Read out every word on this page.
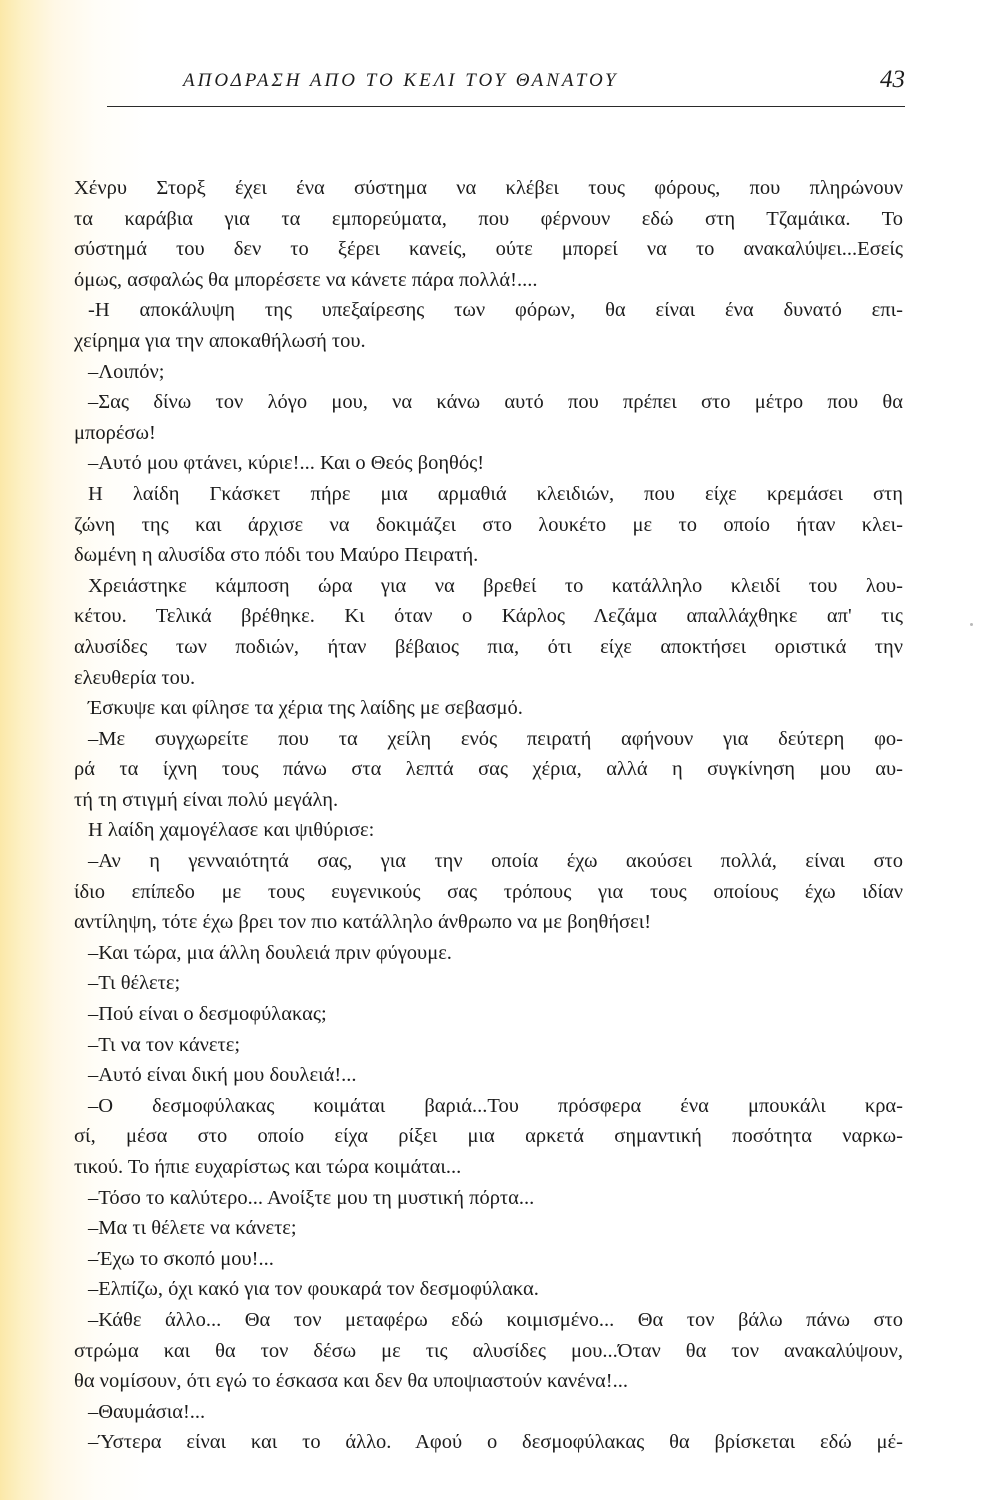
ΑΠΟΔΡΑΣΗ ΑΠΟ ΤΟ ΚΕΛΙ ΤΟΥ ΘΑΝΑΤΟΥ	43
Χένρυ Στορξ έχει ένα σύστημα να κλέβει τους φόρους, που πληρώνουν
τα καράβια για τα εμπορεύματα, που φέρνουν εδώ στη Τζαμάικα. Το
σύστημά του δεν το ξέρει κανείς, ούτε μπορεί να το ανακαλύψει...Εσείς
όμως, ασφαλώς θα μπορέσετε να κάνετε πάρα πολλά!....
-Η αποκάλυψη της υπεξαίρεσης των φόρων, θα είναι ένα δυνατό επι-
χείρημα για την αποκαθήλωσή του.
–Λοιπόν;
–Σας δίνω τον λόγο μου, να κάνω αυτό που πρέπει στο μέτρο που θα
μπορέσω!
–Αυτό μου φτάνει, κύριε!... Και ο Θεός βοηθός!
Η λαίδη Γκάσκετ πήρε μια αρμαθιά κλειδιών, που είχε κρεμάσει στη
ζώνη της και άρχισε να δοκιμάζει στο λουκέτο με το οποίο ήταν κλει-
δωμένη η αλυσίδα στο πόδι του Μαύρο Πειρατή.
Χρειάστηκε κάμποση ώρα για να βρεθεί το κατάλληλο κλειδί του λου-
κέτου. Τελικά βρέθηκε. Κι όταν ο Κάρλος Λεζάμα απαλλάχθηκε απ' τις
αλυσίδες των ποδιών, ήταν βέβαιος πια, ότι είχε αποκτήσει οριστικά την
ελευθερία του.
Έσκυψε και φίλησε τα χέρια της λαίδης με σεβασμό.
–Με συγχωρείτε που τα χείλη ενός πειρατή αφήνουν για δεύτερη φο-
ρά τα ίχνη τους πάνω στα λεπτά σας χέρια, αλλά η συγκίνηση μου αυ-
τή τη στιγμή είναι πολύ μεγάλη.
Η λαίδη χαμογέλασε και ψιθύρισε:
–Αν η γενναιότητά σας, για την οποία έχω ακούσει πολλά, είναι στο
ίδιο επίπεδο με τους ευγενικούς σας τρόπους για τους οποίους έχω ιδίαν
αντίληψη, τότε έχω βρει τον πιο κατάλληλο άνθρωπο να με βοηθήσει!
–Και τώρα, μια άλλη δουλειά πριν φύγουμε.
–Τι θέλετε;
–Πού είναι ο δεσμοφύλακας;
–Τι να τον κάνετε;
–Αυτό είναι δική μου δουλειά!...
–Ο δεσμοφύλακας κοιμάται βαριά...Του πρόσφερα ένα μπουκάλι κρα-
σί, μέσα στο οποίο είχα ρίξει μια αρκετά σημαντική ποσότητα ναρκω-
τικού. Το ήπιε ευχαρίστως και τώρα κοιμάται...
–Τόσο το καλύτερο... Ανοίξτε μου τη μυστική πόρτα...
–Μα τι θέλετε να κάνετε;
–Έχω το σκοπό μου!...
–Ελπίζω, όχι κακό για τον φουκαρά τον δεσμοφύλακα.
–Κάθε άλλο... Θα τον μεταφέρω εδώ κοιμισμένο... Θα τον βάλω πάνω στο
στρώμα και θα τον δέσω με τις αλυσίδες μου...Όταν θα τον ανακαλύψουν,
θα νομίσουν, ότι εγώ το έσκασα και δεν θα υποψιαστούν κανένα!...
–Θαυμάσια!...
–Ύστερα είναι και το άλλο. Αφού ο δεσμοφύλακας θα βρίσκεται εδώ μέ-
